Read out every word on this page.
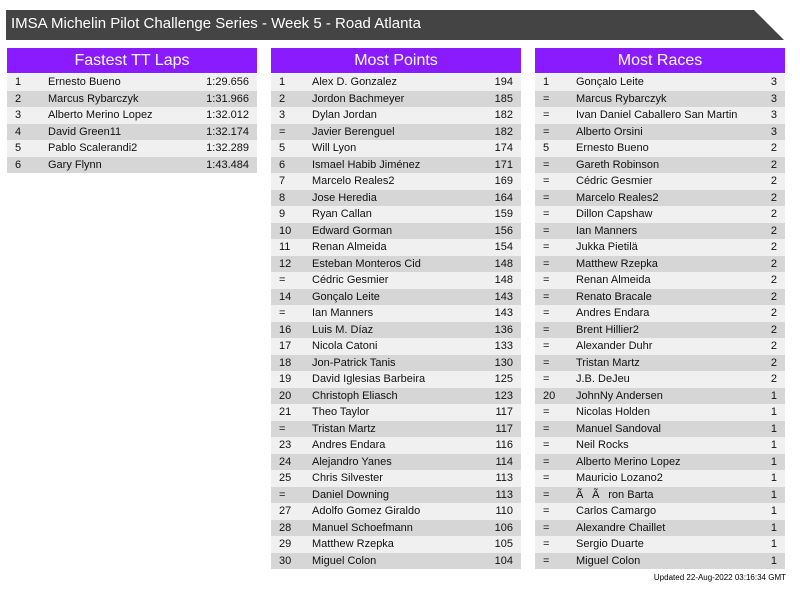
IMSA Michelin Pilot Challenge Series - Week 5 - Road Atlanta
Fastest TT Laps
1 Ernesto Bueno	1:29.656
2 Marcus Rybarczyk	1:31.966
3 Alberto Merino Lopez	1:32.012
4 David Green11	1:32.174
5 Pablo Scalerandi2	1:32.289
6 Gary Flynn	1:43.484
Most Points
1 Alex D. Gonzalez	194
2 Jordon Bachmeyer	185
3 Dylan Jordan	182
= Javier Berenguel	182
5 Will Lyon	174
6 Ismael Habib Jiménez	171
7 Marcelo Reales2	169
8 Jose Heredia	164
9 Ryan Callan	159
10 Edward Gorman	156
11 Renan Almeida	154
12 Esteban Monteros Cid	148
= Cédric Gesmier	148
14 Gonçalo Leite	143
= Ian Manners	143
16 Luis M. Díaz	136
17 Nicola Catoni	133
18 Jon-Patrick Tanis	130
19 David Iglesias Barbeira	125
20 Christoph Eliasch	123
21 Theo Taylor	117
= Tristan Martz	117
23 Andres Endara	116
24 Alejandro Yanes	114
25 Chris Silvester	113
= Daniel Downing	113
27 Adolfo Gomez Giraldo	110
28 Manuel Schoefmann	106
29 Matthew Rzepka	105
30 Miguel Colon	104
Most Races
1 Gonçalo Leite	3
= Marcus Rybarczyk	3
= Ivan Daniel Caballero San Martin	3
= Alberto Orsini	3
5 Ernesto Bueno	2
= Gareth Robinson	2
= Cédric Gesmier	2
= Marcelo Reales2	2
= Dillon Capshaw	2
= Ian Manners	2
= Jukka Pietilä	2
= Matthew Rzepka	2
= Renan Almeida	2
= Renato Bracale	2
= Andres Endara	2
= Brent Hillier2	2
= Alexander Duhr	2
= Tristan Martz	2
= J.B. DeJeu	2
20 JohnNy Andersen	1
= Nicolas Holden	1
= Manuel Sandoval	1
= Neil Rocks	1
= Alberto Merino Lopez	1
= Mauricio Lozano2	1
= ÃÃron Barta	1
= Carlos Camargo	1
= Alexandre Chaillet	1
= Sergio Duarte	1
= Miguel Colon	1
Updated 22-Aug-2022 03:16:34 GMT
